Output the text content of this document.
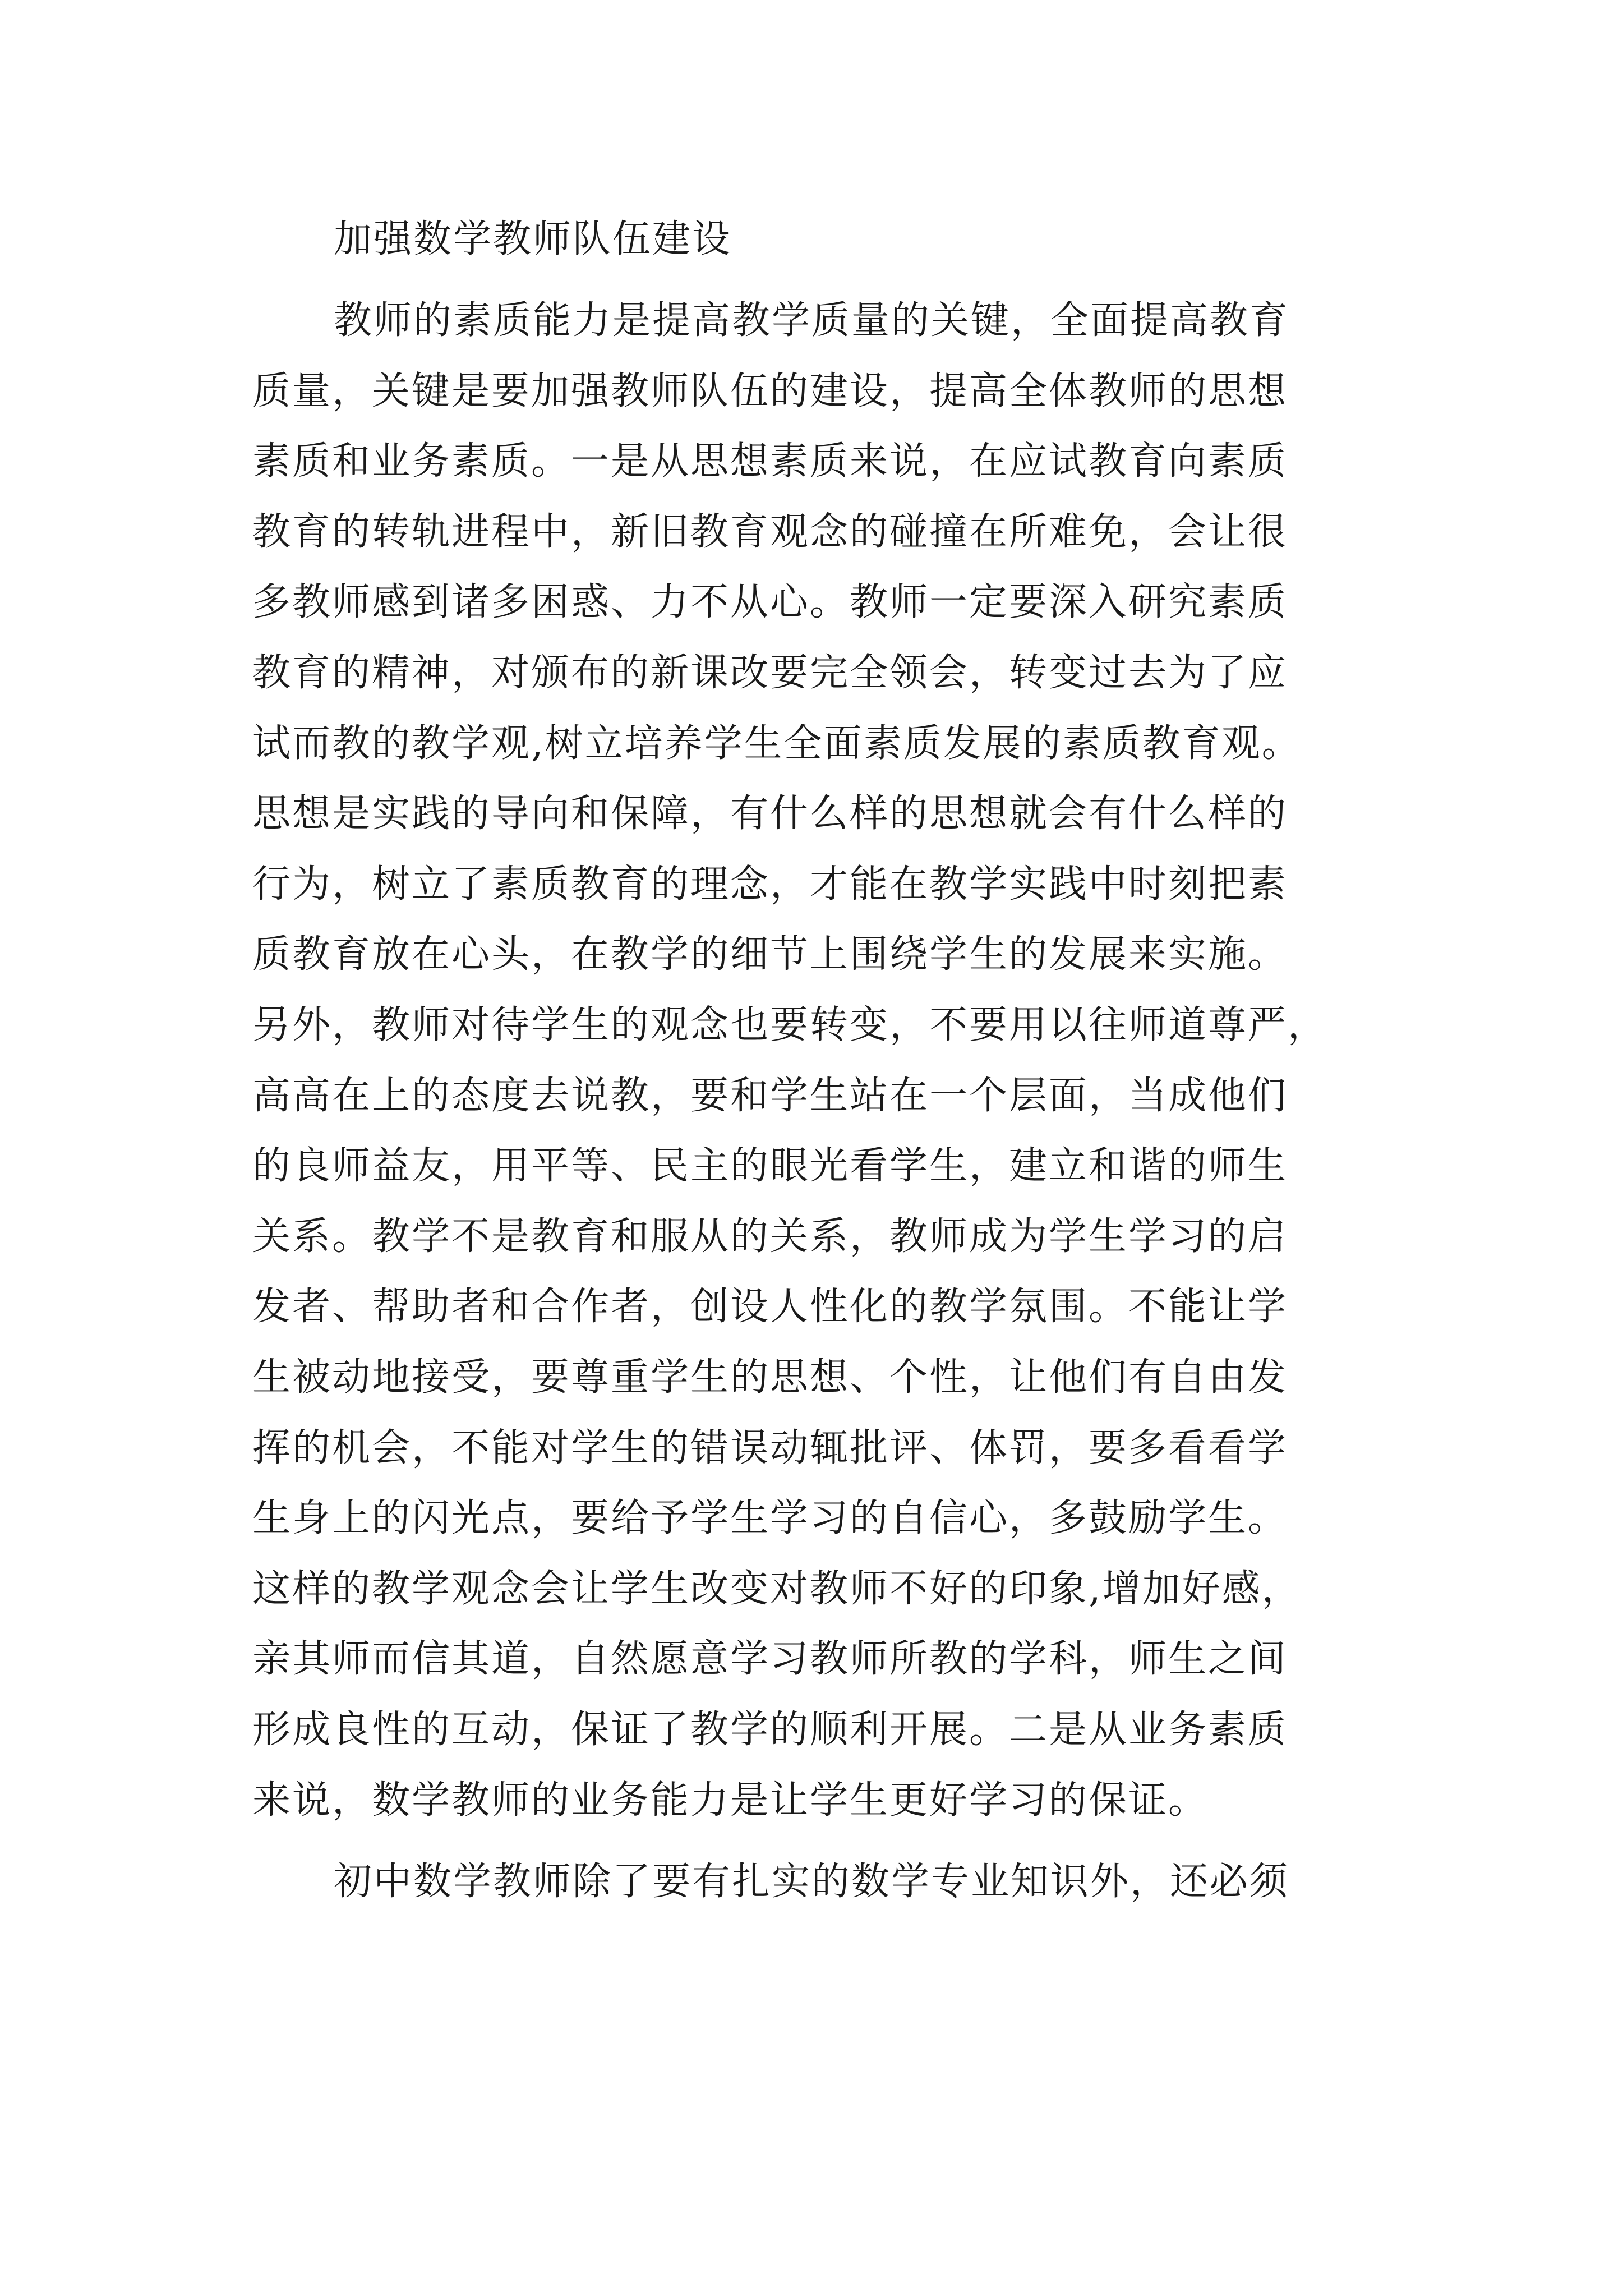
加强数学教师队伍建设
教师的素质能力是提高教学质量的关键，全面提高教育
质量，关键是要加强教师队伍的建设，提高全体教师的思想
素质和业务素质。一是从思想素质来说，在应试教育向素质
教育的转轨进程中，新旧教育观念的碰撞在所难免，会让很
多教师感到诸多困惑、力不从心。教师一定要深入研究素质
教育的精神，对颁布的新课改要完全领会，转变过去为了应
试而教的教学观,树立培养学生全面素质发展的素质教育观。
思想是实践的导向和保障，有什么样的思想就会有什么样的
行为，树立了素质教育的理念，才能在教学实践中时刻把素
质教育放在心头，在教学的细节上围绕学生的发展来实施。
另外，教师对待学生的观念也要转变，不要用以往师道尊严，
高高在上的态度去说教，要和学生站在一个层面，当成他们
的良师益友，用平等、民主的眼光看学生，建立和谐的师生
关系。教学不是教育和服从的关系，教师成为学生学习的启
发者、帮助者和合作者，创设人性化的教学氛围。不能让学
生被动地接受，要尊重学生的思想、个性，让他们有自由发
挥的机会，不能对学生的错误动辄批评、体罚，要多看看学
生身上的闪光点，要给予学生学习的自信心，多鼓励学生。
这样的教学观念会让学生改变对教师不好的印象,增加好感，
亲其师而信其道，自然愿意学习教师所教的学科，师生之间
形成良性的互动，保证了教学的顺利开展。二是从业务素质
来说，数学教师的业务能力是让学生更好学习的保证。
初中数学教师除了要有扎实的数学专业知识外，还必须
